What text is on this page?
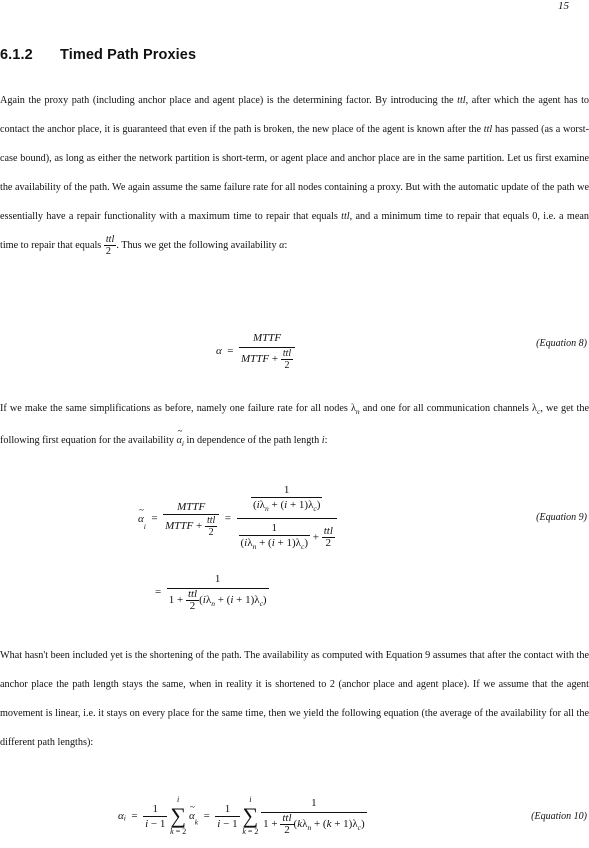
15
6.1.2 Timed Path Proxies
Again the proxy path (including anchor place and agent place) is the determining factor. By introducing the ttl, after which the agent has to contact the anchor place, it is guaranteed that even if the path is broken, the new place of the agent is known after the ttl has passed (as a worst-case bound), as long as either the network partition is short-term, or agent place and anchor place are in the same partition. Let us first examine the availability of the path. We again assume the same failure rate for all nodes containing a proxy. But with the automatic update of the path we essentially have a repair functionality with a maximum time to repair that equals ttl, and a minimum time to repair that equals 0, i.e. a mean time to repair that equals $\frac{\text{ttl}}{2}$ . Thus we get the following availability α:
$\alpha = \frac{\text{MTTF}}{MTTF + \frac{\text{ttl}}{2}}$	(Equation 8)
If we make the same simplifications as before, namely one failure rate for all nodes $\lambda_n$ and one for all communication channels $\lambda_c$, we get the following first equation for the availability ~ $\alpha_i$ in dependence of the path length i:
~ $\alpha_i = \frac{\text{MTTF}}{MTTF + \frac{\text{ttl}}{2}} = \frac{\frac{1}{(i\lambda_n + (i + 1)\lambda_c)}}{\frac{1}{(i\lambda_n + (i + 1)\lambda_c)} + \frac{\text{ttl}}{2}}$	(Equation 9)
= $\frac{1}{1 + \frac{\text{ttl}}{2} (i\lambda_n + (i + 1)\lambda_c)}$
What hasn't been included yet is the shortening of the path. The availability as computed with Equation 9 assumes that after the contact with the anchor place the path length stays the same, when in reality it is shortened to 2 (anchor place and agent place). If we assume that the agent movement is linear, i.e. it stays on every place for the same time, then we yield the following equation (the average of the availability for all the different path lengths):
$\alpha_i = \frac{1}{i - 1}$

i
∑
k = 2
~ $\alpha_k = \frac{1}{i - 1}$

i
∑
k = 2
$\frac{1}{1 + \frac{\text{ttl}}{2} (k\lambda_n + (k + 1)\lambda_c)}$	(Equation 10)
